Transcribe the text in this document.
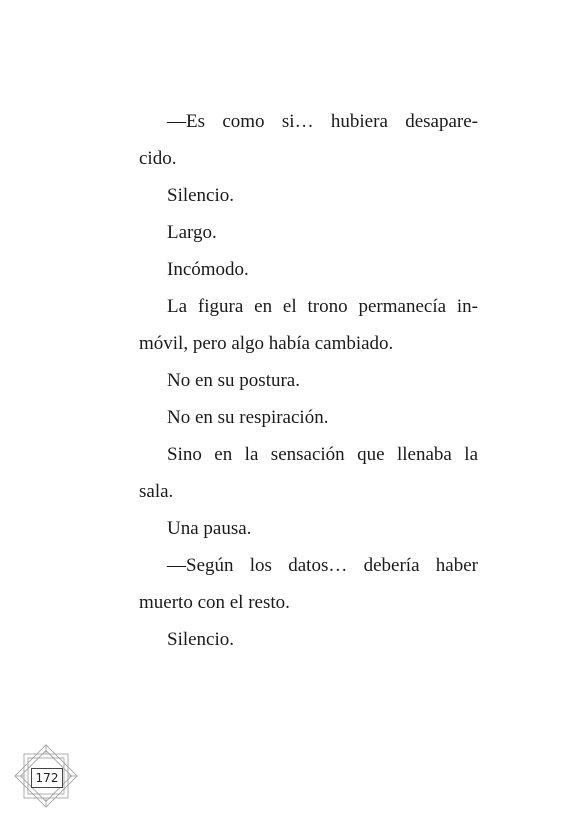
—Es como si… hubiera desapare-
cido.

Silencio.

Largo.

Incómodo.

La figura en el trono permanecía in-
móvil, pero algo había cambiado.

No en su postura.

No en su respiración.

Sino en la sensación que llenaba la
sala.

Una pausa.

—Según los datos… debería haber
muerto con el resto.

Silencio.

172
